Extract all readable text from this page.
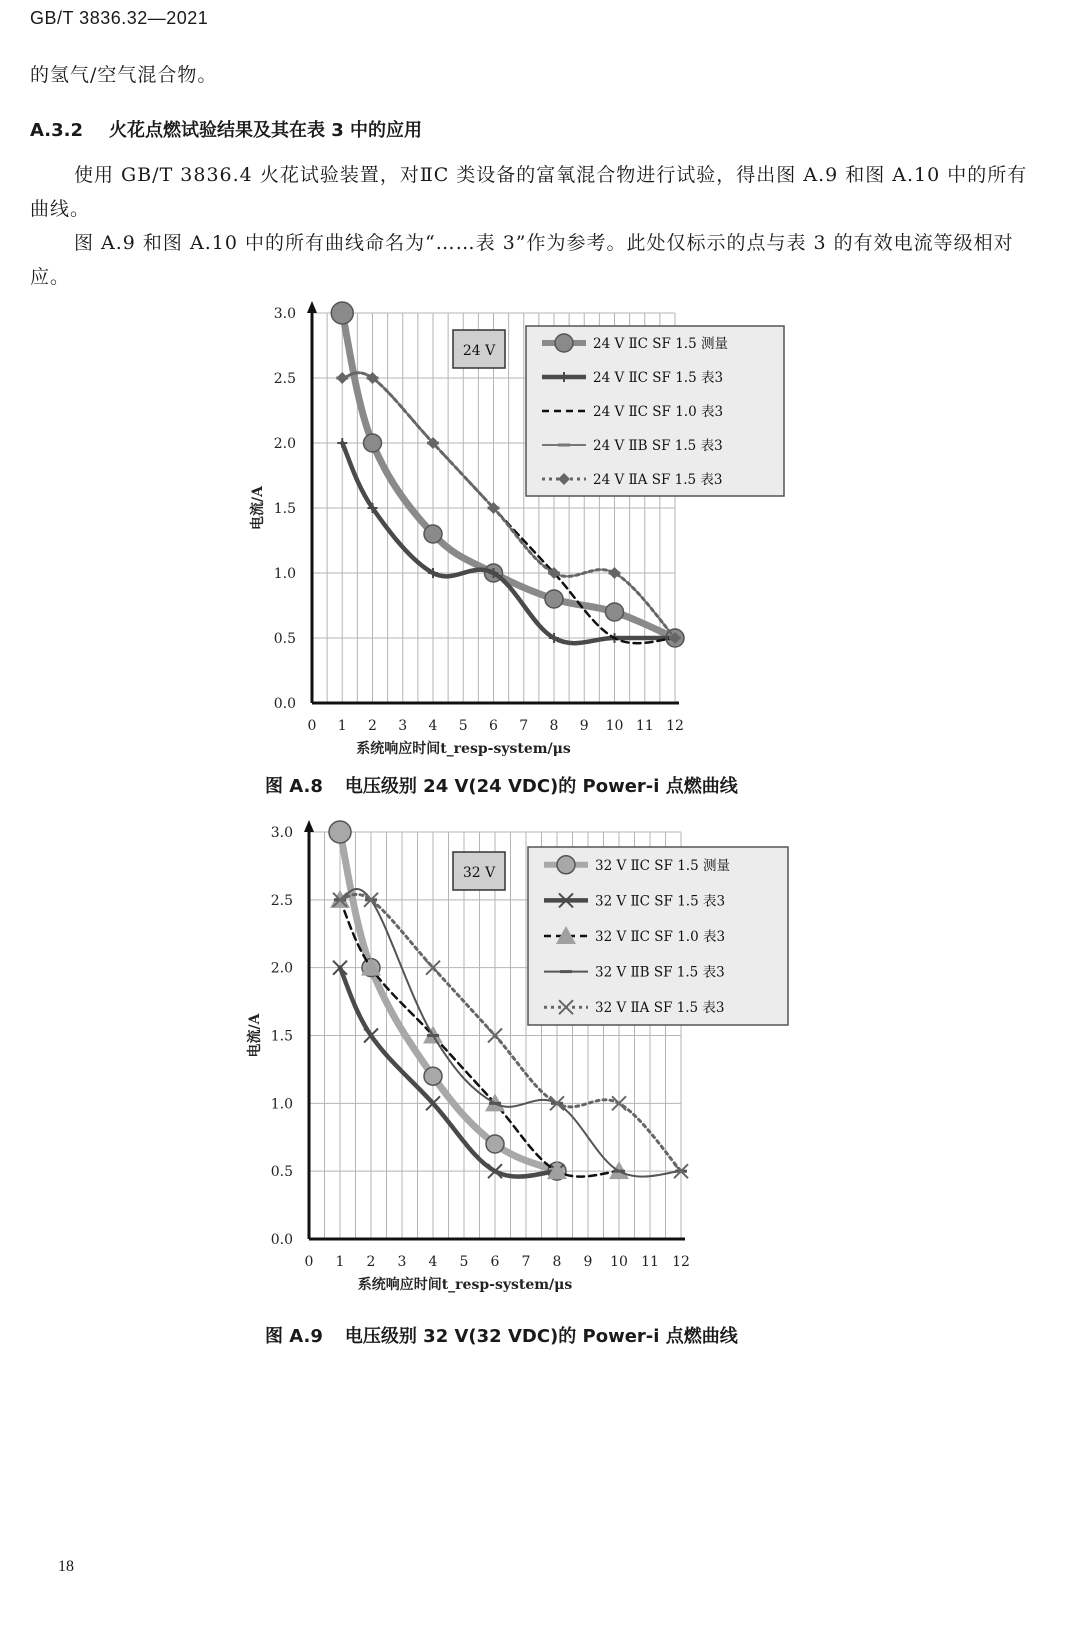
GB/T 3836.32—2021
的氢气/空气混合物。
A.3.2 火花点燃试验结果及其在表 3 中的应用
使用 GB/T 3836.4 火花试验装置，对ⅡC 类设备的富氧混合物进行试验，得出图 A.9 和图 A.10 中的所有曲线。
图 A.9 和图 A.10 中的所有曲线命名为“……表 3”作为参考。此处仅标示的点与表 3 的有效电流等级相对应。
0 1 2 3 4 5 6 7 8 9 10 11 12
0.0
0.5
1.0
1.5
2.0
2.5
3.0
系统响应时间t_resp-system/μs
电流/A
24 V	24 V ⅡC SF 1.5 测量
24 V ⅡC SF 1.5 表3
24 V ⅡC SF 1.0 表3
24 V ⅡB SF 1.5 表3
24 V ⅡA SF 1.5 表3
图 A.8 电压级别 24 V(24 VDC)的 Power-i 点燃曲线
0 1 2 3 4 5 6 7 8 9 10 11 12
0.0
0.5
1.0
1.5
2.0
2.5
3.0
系统响应时间t_resp-system/μs
电流/A
32 V	32 V ⅡC SF 1.5 测量
32 V ⅡC SF 1.5 表3
32 V ⅡC SF 1.0 表3
32 V ⅡB SF 1.5 表3
32 V ⅡA SF 1.5 表3
图 A.9 电压级别 32 V(32 VDC)的 Power-i 点燃曲线
18
